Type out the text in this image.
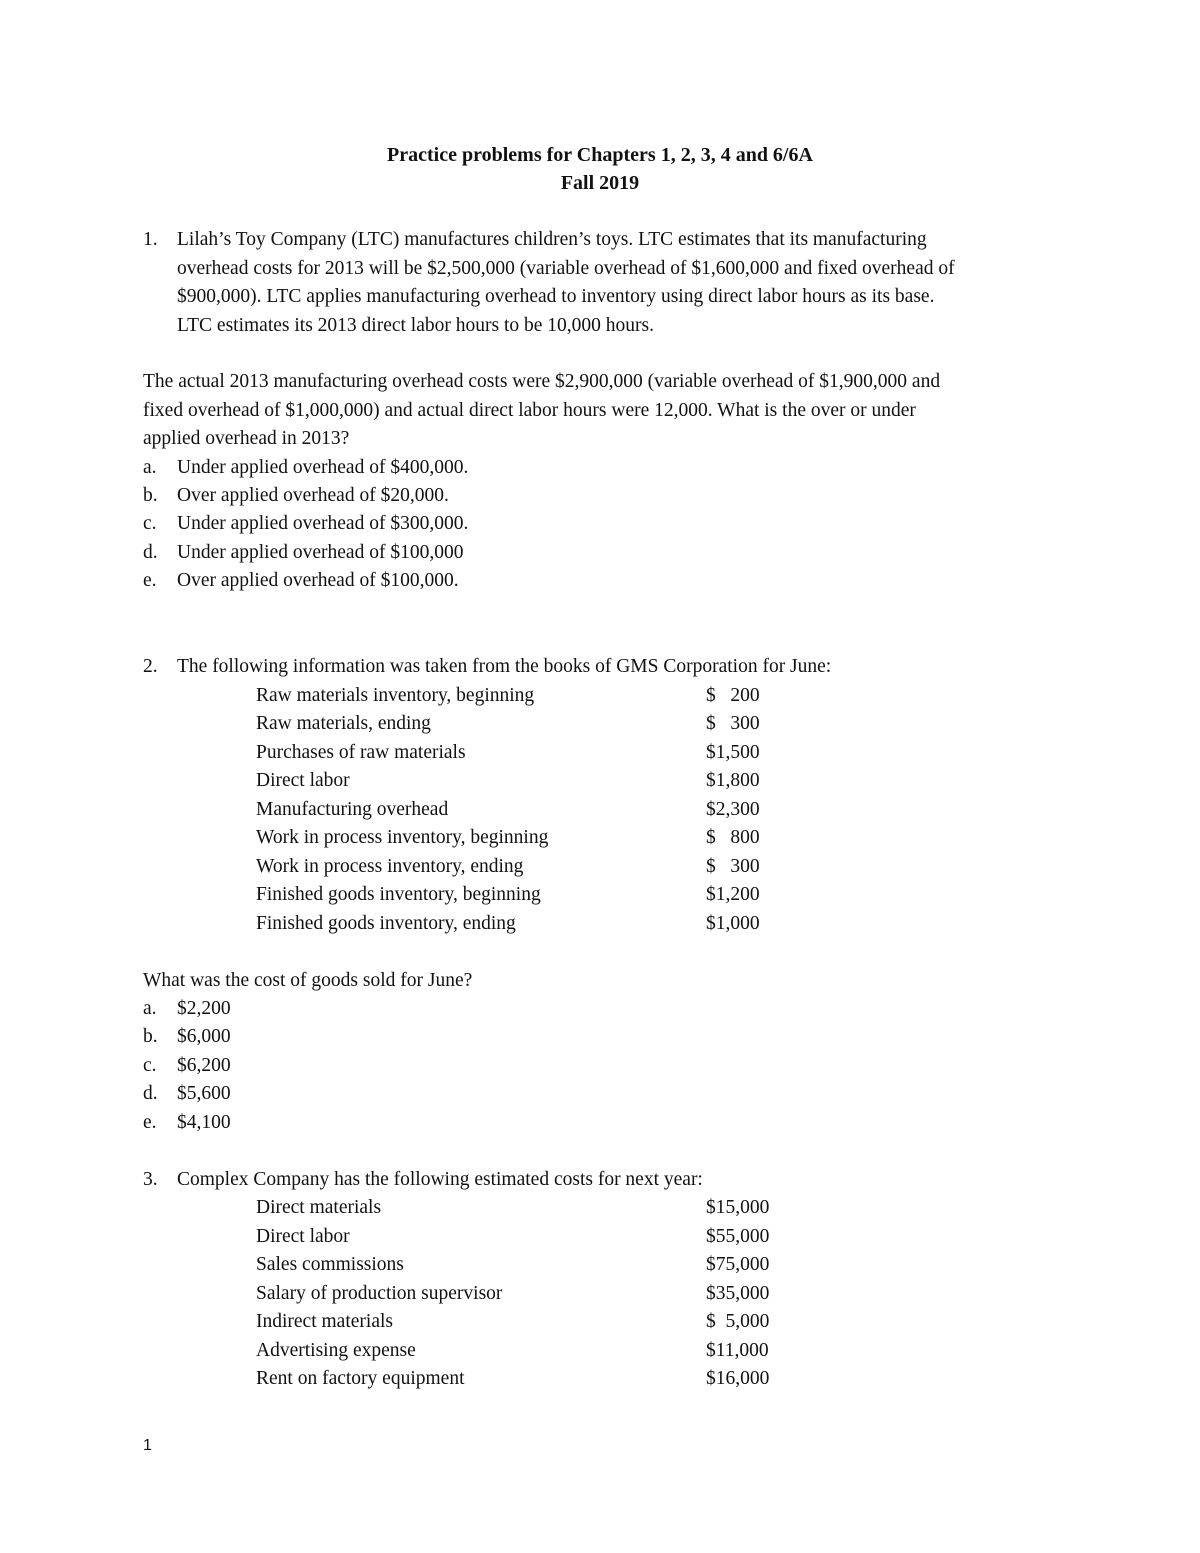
Practice problems for Chapters 1, 2, 3, 4 and 6/6A
Fall 2019
1. Lilah’s Toy Company (LTC) manufactures children’s toys. LTC estimates that its manufacturing
overhead costs for 2013 will be $2,500,000 (variable overhead of $1,600,000 and fixed overhead of
$900,000). LTC applies manufacturing overhead to inventory using direct labor hours as its base.
LTC estimates its 2013 direct labor hours to be 10,000 hours.
The actual 2013 manufacturing overhead costs were $2,900,000 (variable overhead of $1,900,000 and
fixed overhead of $1,000,000) and actual direct labor hours were 12,000. What is the over or under
applied overhead in 2013?
a. Under applied overhead of $400,000.
b. Over applied overhead of $20,000.
c. Under applied overhead of $300,000.
d. Under applied overhead of $100,000
e. Over applied overhead of $100,000.
2. The following information was taken from the books of GMS Corporation for June:
Raw materials inventory, beginning	$   200
Raw materials, ending	$   300
Purchases of raw materials	$1,500
Direct labor	$1,800
Manufacturing overhead	$2,300
Work in process inventory, beginning	$   800
Work in process inventory, ending	$   300
Finished goods inventory, beginning	$1,200
Finished goods inventory, ending	$1,000
What was the cost of goods sold for June?
a. $2,200
b. $6,000
c. $6,200
d. $5,600
e. $4,100
3. Complex Company has the following estimated costs for next year:
Direct materials	$15,000
Direct labor	$55,000
Sales commissions	$75,000
Salary of production supervisor	$35,000
Indirect materials	$  5,000
Advertising expense	$11,000
Rent on factory equipment	$16,000
1
